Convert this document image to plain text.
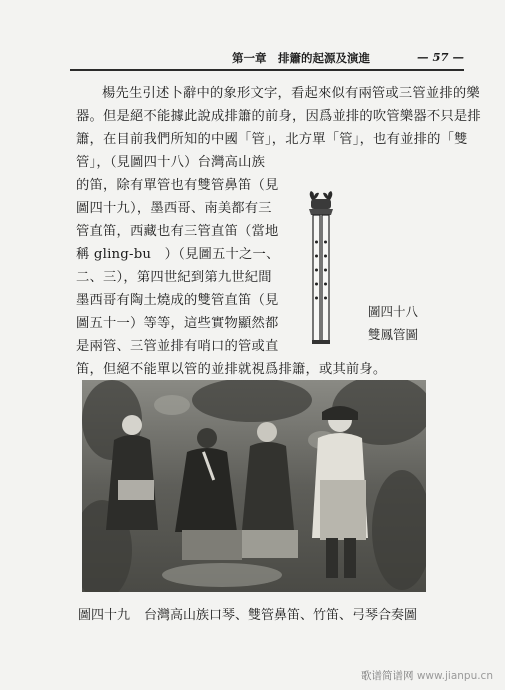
第一章　排簫的起源及演進	— 57 —
楊先生引述卜辭中的象形文字，看起來似有兩管或三管並排的樂
器。但是絕不能據此說成排簫的前身，因爲並排的吹管樂器不只是排
簫，在目前我們所知的中國「管」，北方單「管」，也有並排的「雙
管」，（見圖四十八）台灣高山族
的笛，除有單管也有雙管鼻笛（見
圖四十九），墨西哥、南美都有三
管直笛，西藏也有三管直笛（當地
稱 gling-bu　）（見圖五十之一、
二、三），第四世紀到第九世紀間
墨西哥有陶土燒成的雙管直笛（見
圖五十一）等等，這些實物顯然都
是兩管、三管並排有哨口的管或直
笛，但絕不能單以管的並排就視爲排簫，或其前身。
圖四十八
雙鳳管圖
圖四十九 台灣高山族口琴、雙管鼻笛、竹笛、弓琴合奏圖
歌谱简谱网 www.jianpu.cn
